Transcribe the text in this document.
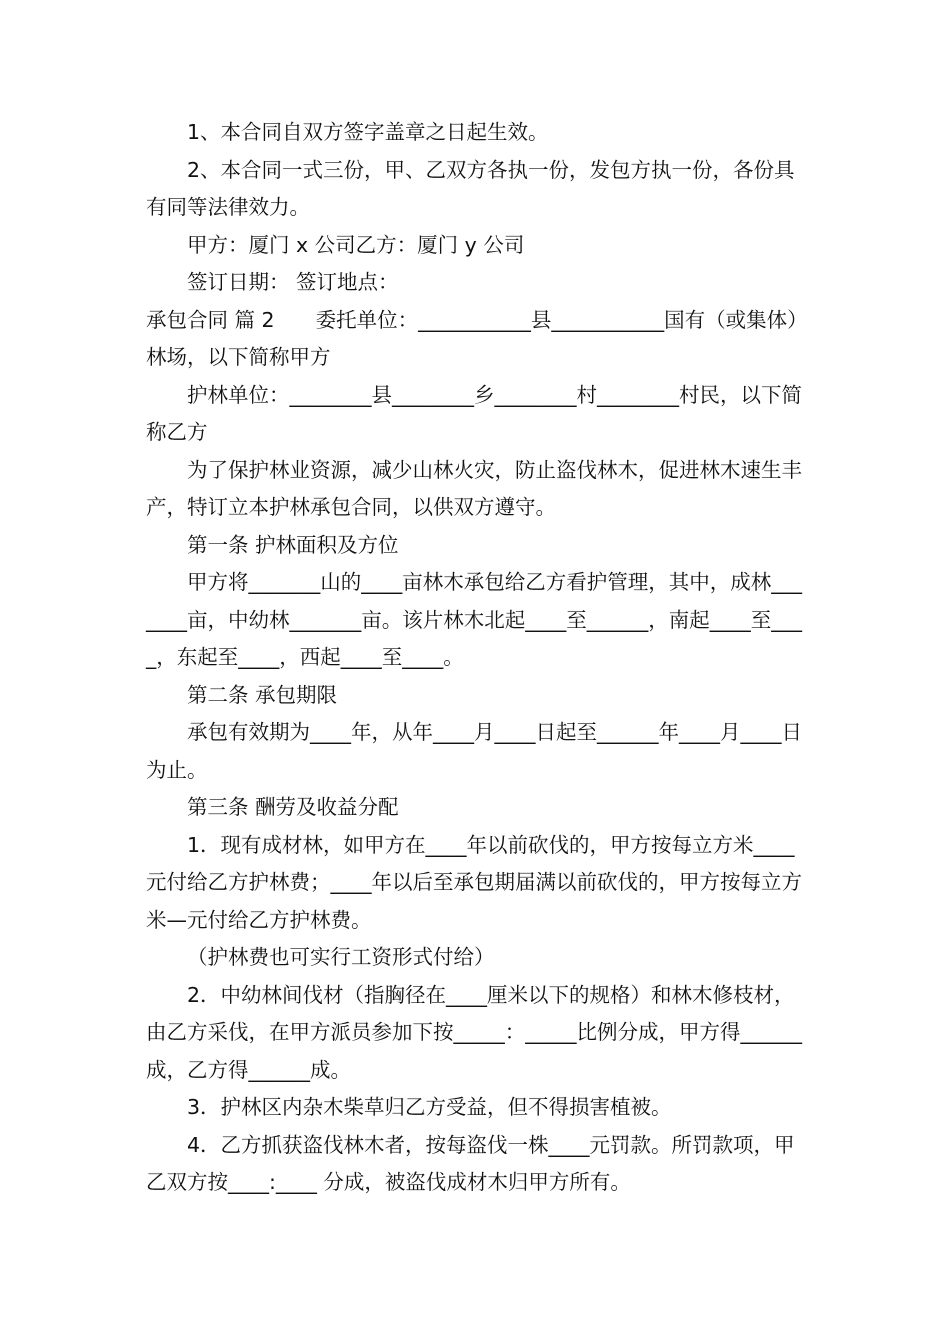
1、本合同自双方签字盖章之日起生效。

2、本合同一式三份，甲、乙双方各执一份，发包方执一份，各份具有同等法律效力。

甲方：厦门 x 公司乙方：厦门 y 公司

签订日期： 签订地点：

承包合同 篇 2　　委托单位：___________县___________国有（或集体）林场，以下简称甲方

护林单位：________县________乡________村________村民，以下简称乙方

为了保护林业资源，减少山林火灾，防止盗伐林木，促进林木速生丰产，特订立本护林承包合同，以供双方遵守。

第一条 护林面积及方位

甲方将_______山的____亩林木承包给乙方看护管理，其中，成林_______亩，中幼林_______亩。该片林木北起____至______，南起____至____，东起至____，西起____至____。

第二条 承包期限

承包有效期为____年，从年____月____日起至______年____月____日为止。

第三条 酬劳及收益分配

1．现有成材林，如甲方在____年以前砍伐的，甲方按每立方米____元付给乙方护林费；____年以后至承包期届满以前砍伐的，甲方按每立方米—元付给乙方护林费。

（护林费也可实行工资形式付给）

2．中幼林间伐材（指胸径在____厘米以下的规格）和林木修枝材，由乙方采伐，在甲方派员参加下按_____：_____比例分成，甲方得______成，乙方得______成。

3．护林区内杂木柴草归乙方受益，但不得损害植被。

4．乙方抓获盗伐林木者，按每盗伐一株____元罚款。所罚款项，甲乙双方按____:____ 分成，被盗伐成材木归甲方所有。
